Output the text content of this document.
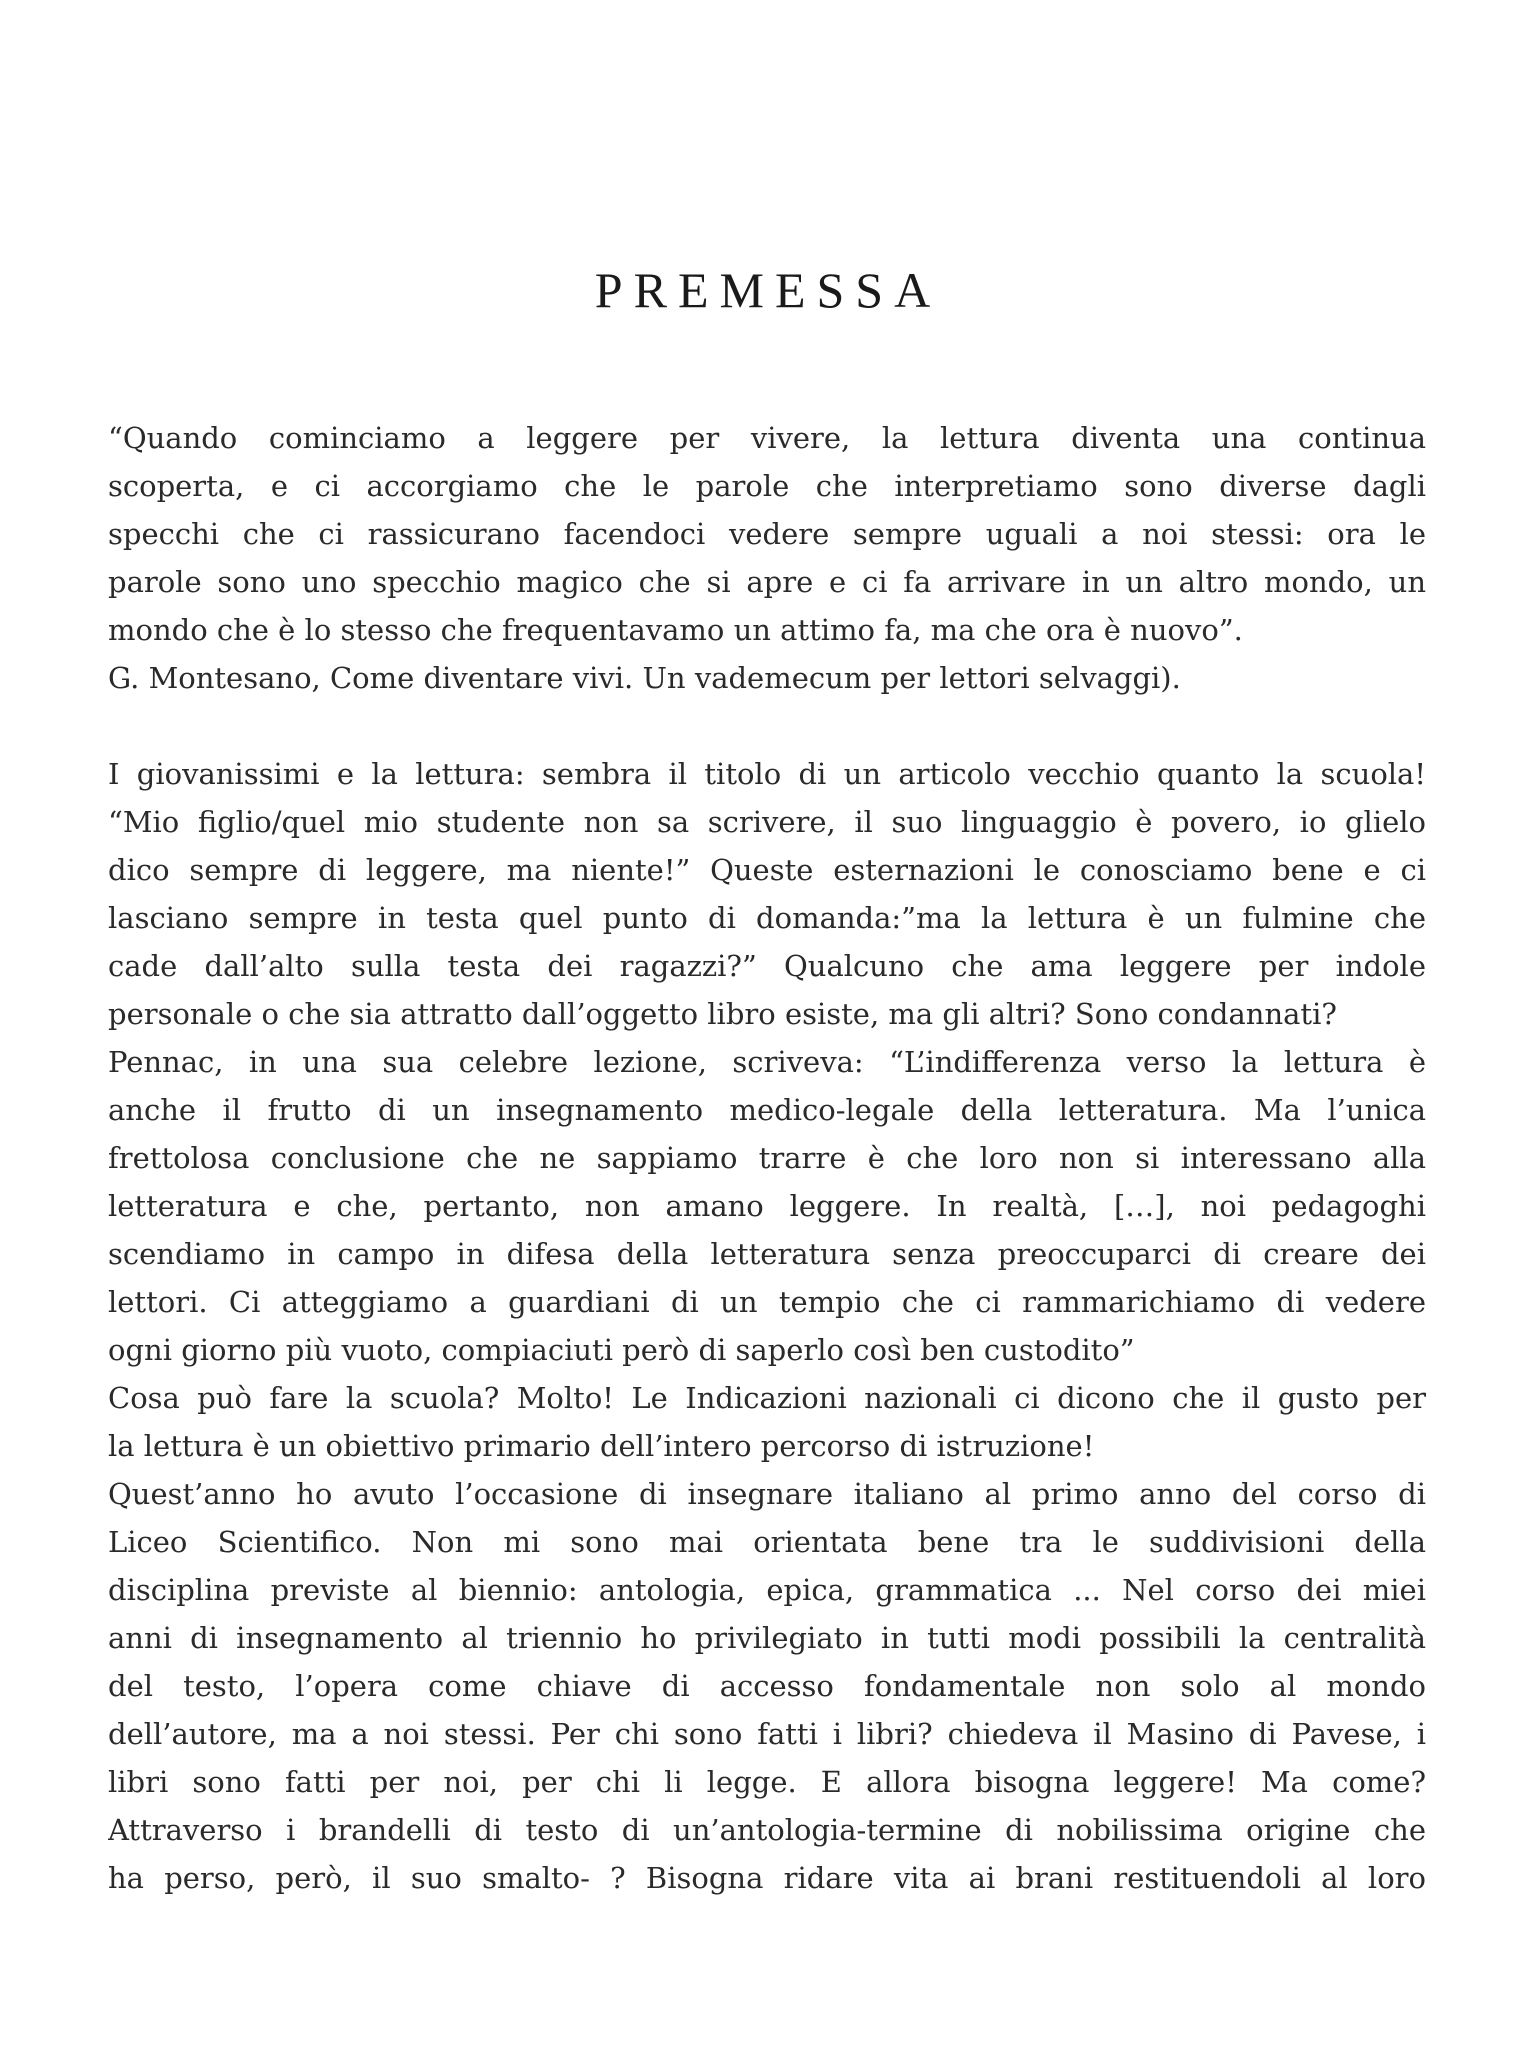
PREMESSA
“Quando cominciamo a leggere per vivere, la lettura diventa una continua
scoperta, e ci accorgiamo che le parole che interpretiamo sono diverse dagli
specchi che ci rassicurano facendoci vedere sempre uguali a noi stessi: ora le
parole sono uno specchio magico che si apre e ci fa arrivare in un altro mondo, un
mondo che è lo stesso che frequentavamo un attimo fa, ma che ora è nuovo”.
G. Montesano, Come diventare vivi. Un vademecum per lettori selvaggi).
I giovanissimi e la lettura: sembra il titolo di un articolo vecchio quanto la scuola!
“Mio figlio/quel mio studente non sa scrivere, il suo linguaggio è povero, io glielo
dico sempre di leggere, ma niente!” Queste esternazioni le conosciamo bene e ci
lasciano sempre in testa quel punto di domanda:”ma la lettura è un fulmine che
cade dall’alto sulla testa dei ragazzi?” Qualcuno che ama leggere per indole
personale o che sia attratto dall’oggetto libro esiste, ma gli altri? Sono condannati?
Pennac, in una sua celebre lezione, scriveva: “L’indifferenza verso la lettura è
anche il frutto di un insegnamento medico-legale della letteratura. Ma l’unica
frettolosa conclusione che ne sappiamo trarre è che loro non si interessano alla
letteratura e che, pertanto, non amano leggere. In realtà, […], noi pedagoghi
scendiamo in campo in difesa della letteratura senza preoccuparci di creare dei
lettori. Ci atteggiamo a guardiani di un tempio che ci rammarichiamo di vedere
ogni giorno più vuoto, compiaciuti però di saperlo così ben custodito”
Cosa può fare la scuola? Molto! Le Indicazioni nazionali ci dicono che il gusto per
la lettura è un obiettivo primario dell’intero percorso di istruzione!
Quest’anno ho avuto l’occasione di insegnare italiano al primo anno del corso di
Liceo Scientifico. Non mi sono mai orientata bene tra le suddivisioni della
disciplina previste al biennio: antologia, epica, grammatica ... Nel corso dei miei
anni di insegnamento al triennio ho privilegiato in tutti modi possibili la centralità
del testo, l’opera come chiave di accesso fondamentale non solo al mondo
dell’autore, ma a noi stessi. Per chi sono fatti i libri? chiedeva il Masino di Pavese, i
libri sono fatti per noi, per chi li legge. E allora bisogna leggere! Ma come?
Attraverso i brandelli di testo di un’antologia-termine di nobilissima origine che
ha perso, però, il suo smalto- ? Bisogna ridare vita ai brani restituendoli al loro
